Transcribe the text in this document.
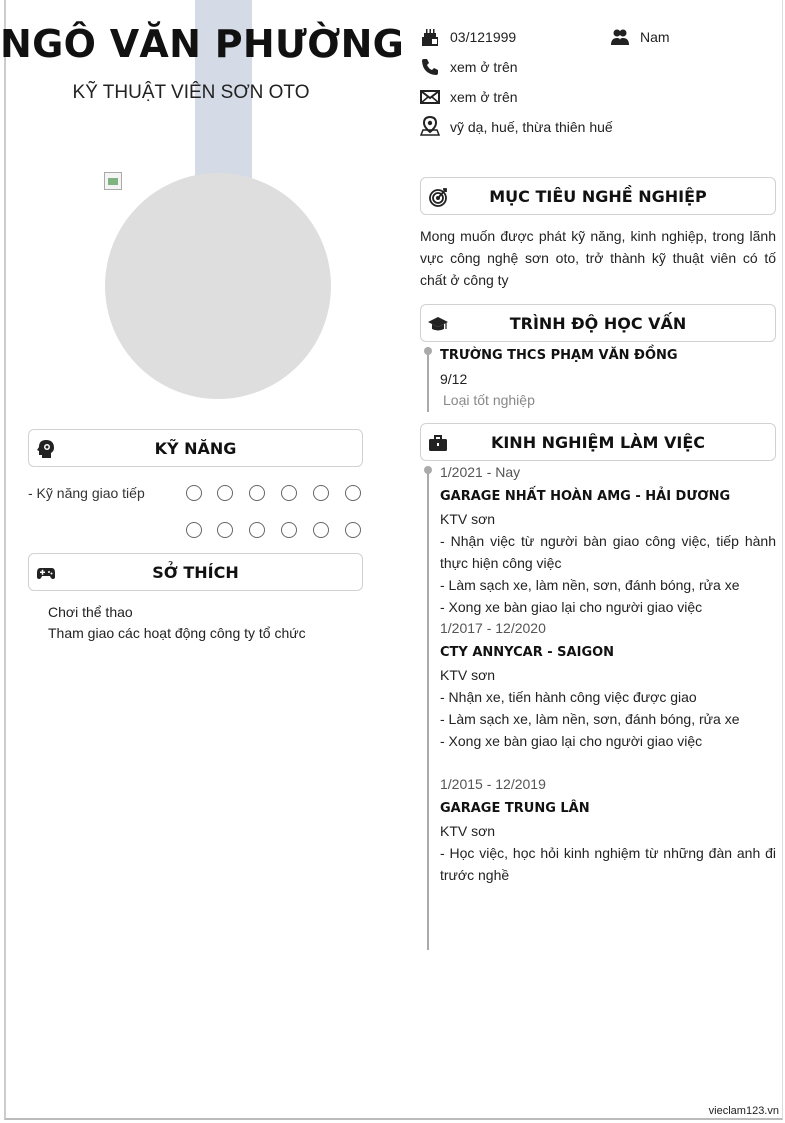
NGÔ VĂN PHƯỜNG
KỸ THUẬT VIÊN SƠN OTO
03/121999	Nam
xem ở trên
xem ở trên
vỹ dạ, huế, thừa thiên huế
KỸ NĂNG
- Kỹ năng giao tiếp
SỞ THÍCH
Chơi thể thao
Tham giao các hoạt động công ty tổ chức
MỤC TIÊU NGHỀ NGHIỆP
Mong muốn được phát kỹ năng, kinh nghiệp, trong lãnh
vực công nghệ sơn oto, trở thành kỹ thuật viên có tố
chất ở công ty
TRÌNH ĐỘ HỌC VẤN
TRƯỜNG THCS PHẠM VĂN ĐỒNG
9/12
Loại tốt nghiệp
KINH NGHIỆM LÀM VIỆC
1/2021 - Nay
GARAGE NHẤT HOÀN AMG - HẢI DƯƠNG
KTV sơn
- Nhận việc từ người bàn giao công việc, tiếp hành
thực hiện công việc
- Làm sạch xe, làm nền, sơn, đánh bóng, rửa xe
- Xong xe bàn giao lại cho người giao việc
1/2017 - 12/2020
CTY ANNYCAR - SAIGON
KTV sơn
- Nhận xe, tiến hành công việc được giao
- Làm sạch xe, làm nền, sơn, đánh bóng, rửa xe
- Xong xe bàn giao lại cho người giao việc
1/2015 - 12/2019
GARAGE TRUNG LÂN
KTV sơn
- Học việc, học hỏi kinh nghiệm từ những đàn anh đi
trước nghề
vieclam123.vn
